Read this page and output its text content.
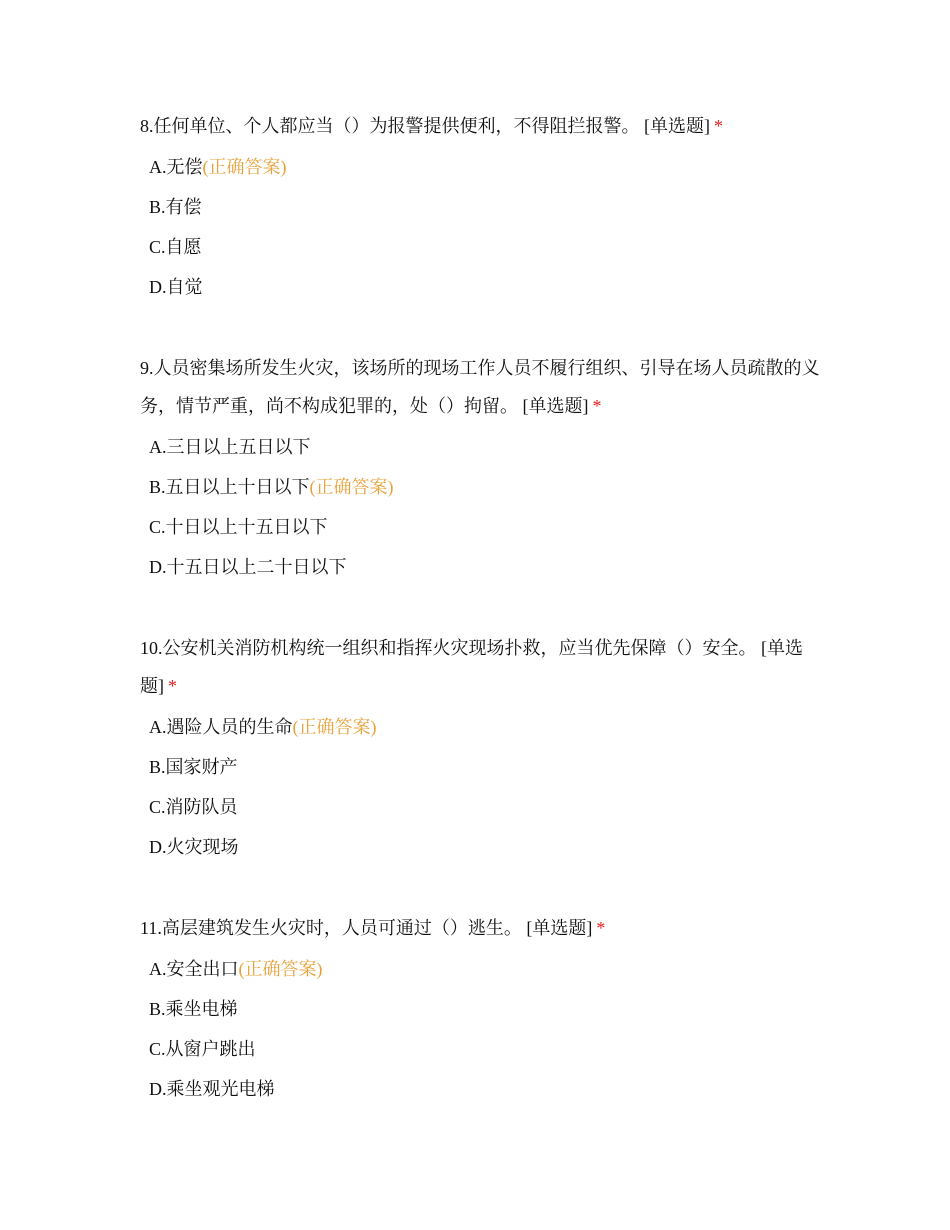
8.任何单位、个人都应当（）为报警提供便利，不得阻拦报警。 [单选题] *

A.无偿(正确答案)
B.有偿
C.自愿
D.自觉

9.人员密集场所发生火灾，该场所的现场工作人员不履行组织、引导在场人员疏散的义务，情节严重，尚不构成犯罪的，处（）拘留。 [单选题] *

A.三日以上五日以下
B.五日以上十日以下(正确答案)
C.十日以上十五日以下
D.十五日以上二十日以下

10.公安机关消防机构统一组织和指挥火灾现场扑救，应当优先保障（）安全。 [单选题] *

A.遇险人员的生命(正确答案)
B.国家财产
C.消防队员
D.火灾现场

11.高层建筑发生火灾时，人员可通过（）逃生。 [单选题] *

A.安全出口(正确答案)
B.乘坐电梯
C.从窗户跳出
D.乘坐观光电梯
